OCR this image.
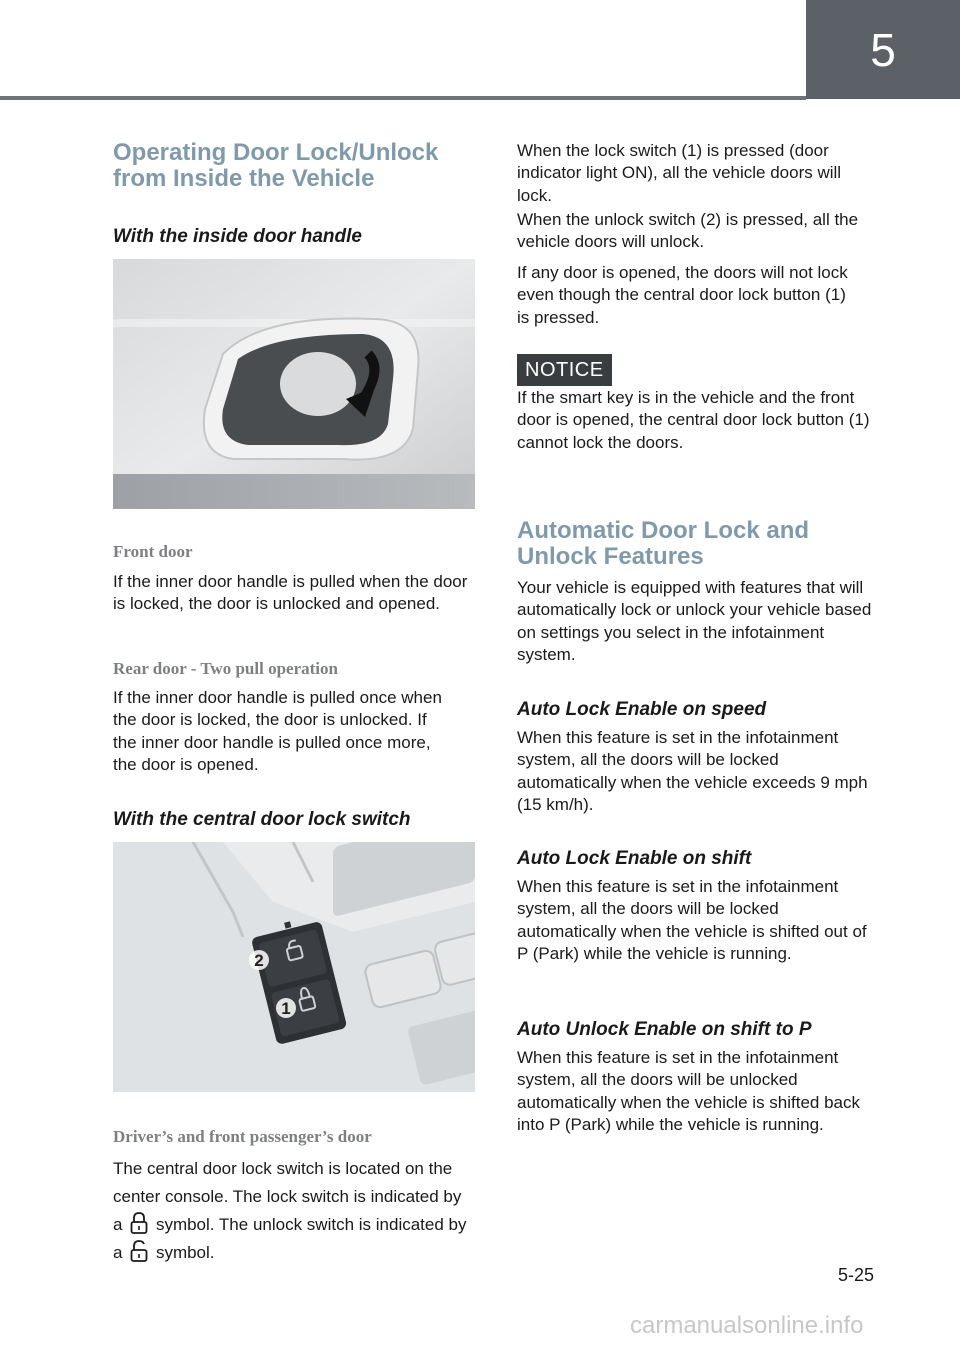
5
Operating Door Lock/Unlock
from Inside the Vehicle
With the inside door handle
Front door

If the inner door handle is pulled when the door is locked, the door is unlocked and opened.

Rear door - Two pull operation

If the inner door handle is pulled once when the door is locked, the door is unlocked. If the inner door handle is pulled once more, the door is opened.

With the central door lock switch
2
1
Driver’s and front passenger’s door

The central door lock switch is located on the center console. The lock switch is indicated by a symbol. The unlock switch is indicated by a symbol.

When the lock switch (1) is pressed (door indicator light ON), all the vehicle doors will lock.

When the unlock switch (2) is pressed, all the vehicle doors will unlock.

If any door is opened, the doors will not lock even though the central door lock button (1) is pressed.

NOTICE

If the smart key is in the vehicle and the front door is opened, the central door lock button (1) cannot lock the doors.

Automatic Door Lock and
Unlock Features

Your vehicle is equipped with features that will automatically lock or unlock your vehicle based on settings you select in the infotainment system.

Auto Lock Enable on speed

When this feature is set in the infotainment system, all the doors will be locked automatically when the vehicle exceeds 9 mph (15 km/h).

Auto Lock Enable on shift

When this feature is set in the infotainment system, all the doors will be locked automatically when the vehicle is shifted out of P (Park) while the vehicle is running.

Auto Unlock Enable on shift to P

When this feature is set in the infotainment system, all the doors will be unlocked automatically when the vehicle is shifted back into P (Park) while the vehicle is running.

5-25
carmanualsonline.info
